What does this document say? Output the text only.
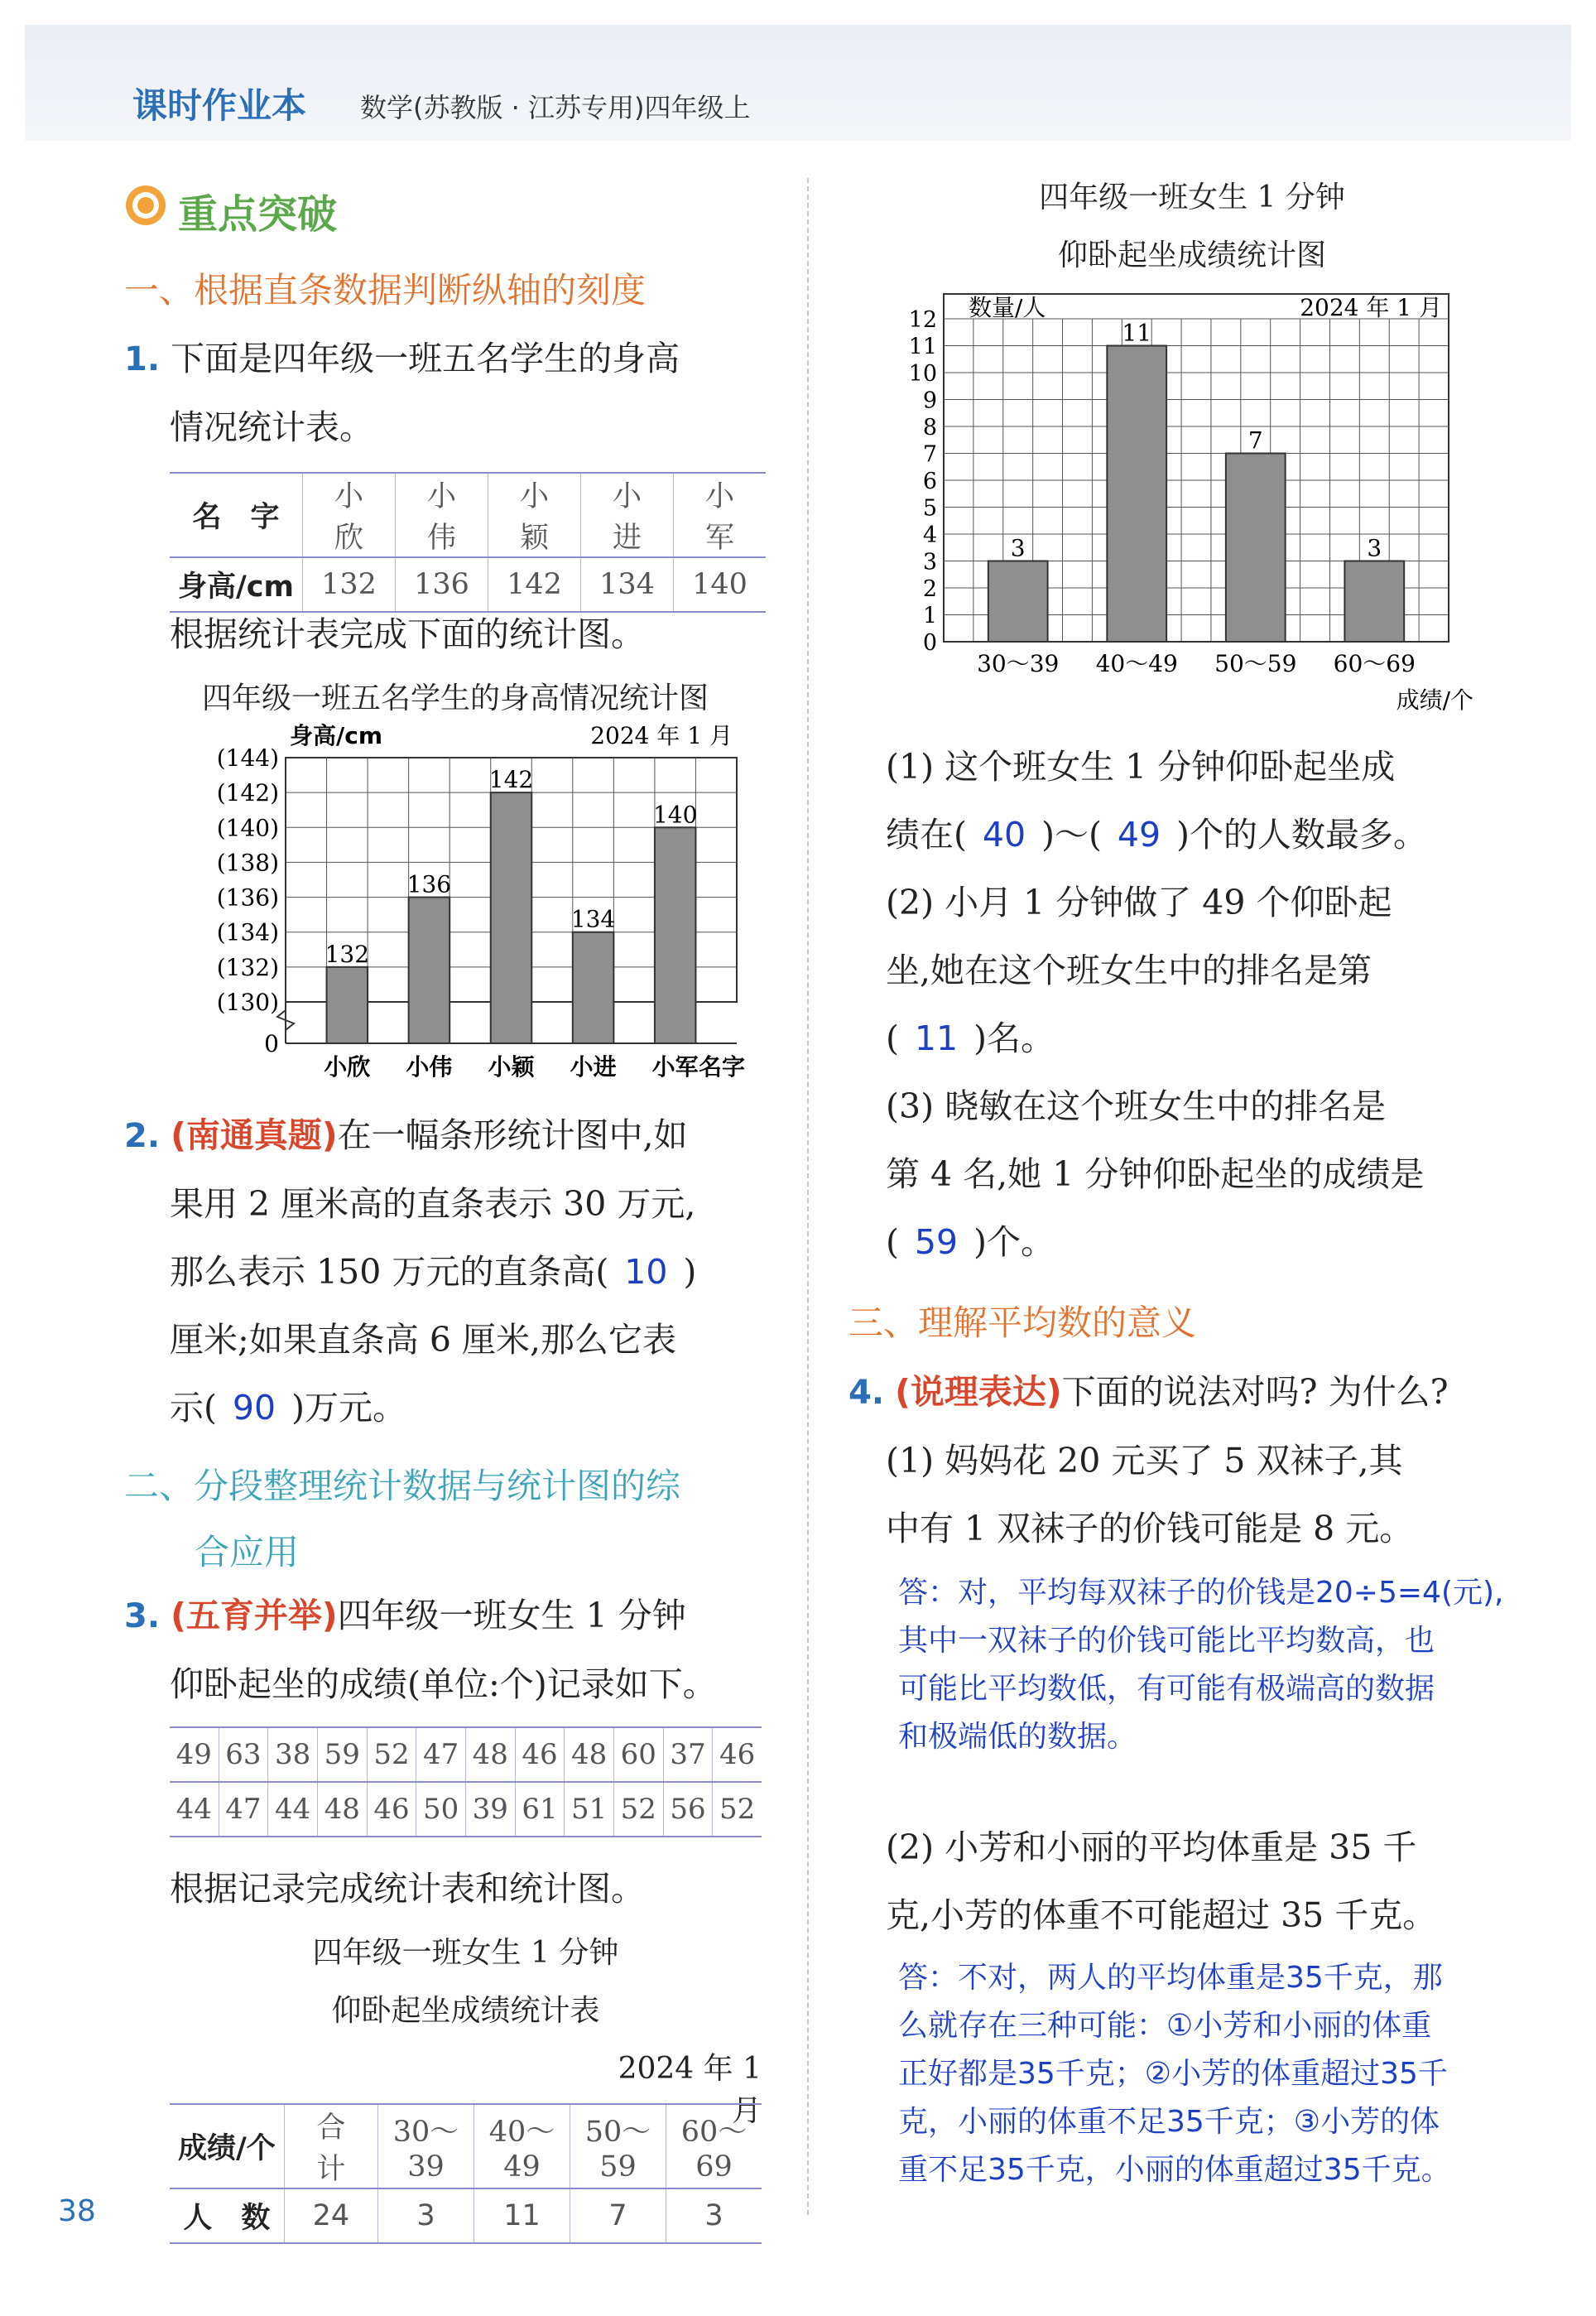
课时作业本 数学(苏教版 · 江苏专用)四年级上
重点突破
一、根据直条数据判断纵轴的刻度
1. 下面是四年级一班五名学生的身高
情况统计表。
名　字	小　欣	小　伟	小　颖	小　进	小　军
身高/cm	132	136	142	134	140
根据统计表完成下面的统计图。
四年级一班五名学生的身高情况统计图
(144)
(142)
(140)
(138)
(136)
(134)
(132)
(130)
0
身高/cm	2024 年 1 月
132
小欣
136
小伟
142
小颖
134
小进
140
小军 名字
2. (南通真题)在一幅条形统计图中,如
果用 2 厘米高的直条表示 30 万元,
那么表示 150 万元的直条高( 10 )
厘米;如果直条高 6 厘米,那么它表
示( 90 )万元。
二、分段整理统计数据与统计图的综
合应用
3. (五育并举)四年级一班女生 1 分钟
仰卧起坐的成绩(单位:个)记录如下。
49	63	38	59	52	47	48	46	48	60	37	46
44	47	44	48	46	50	39	61	51	52	56	52
根据记录完成统计表和统计图。
四年级一班女生 1 分钟
仰卧起坐成绩统计表
2024 年 1 月
成绩/个	合　计	30～39	40～49	50～59	60～69
人　数	24	3	11	7	3
38
四年级一班女生 1 分钟
仰卧起坐成绩统计图
12
11
10
9
8
7
6
5
4
3
2
1
0
数量/人	2024 年 1 月
3
30～39
11
40～49
7
50～59
3
60～69
成绩/个
(1) 这个班女生 1 分钟仰卧起坐成
绩在( 40 )～( 49 )个的人数最多。
(2) 小月 1 分钟做了 49 个仰卧起
坐,她在这个班女生中的排名是第
( 11 )名。
(3) 晓敏在这个班女生中的排名是
第 4 名,她 1 分钟仰卧起坐的成绩是
( 59 )个。
三、理解平均数的意义
4. (说理表达)下面的说法对吗? 为什么?
(1) 妈妈花 20 元买了 5 双袜子,其
中有 1 双袜子的价钱可能是 8 元。
答：对，平均每双袜子的价钱是20÷5=4(元),
其中一双袜子的价钱可能比平均数高，也
可能比平均数低，有可能有极端高的数据
和极端低的数据。
(2) 小芳和小丽的平均体重是 35 千
克,小芳的体重不可能超过 35 千克。
答：不对，两人的平均体重是35千克，那
么就存在三种可能：①小芳和小丽的体重
正好都是35千克；②小芳的体重超过35千
克，小丽的体重不足35千克；③小芳的体
重不足35千克，小丽的体重超过35千克。
